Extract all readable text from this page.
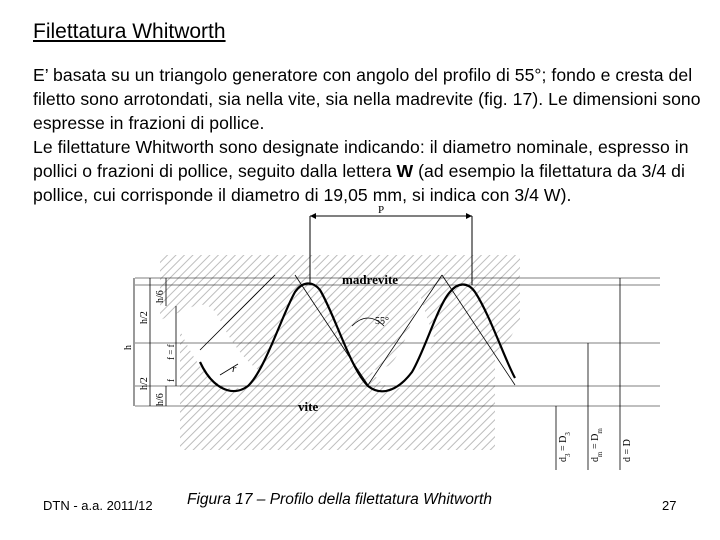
Filettatura Whitworth

E’ basata su un triangolo generatore con angolo del profilo di 55°; fondo e cresta del filetto sono arrotondati, sia nella vite, sia nella madrevite (fig. 17). Le dimensioni sono espresse in frazioni di pollice.

Le filettature Whitworth sono designate indicando: il diametro nominale, espresso in pollici o frazioni di pollice, seguito dalla lettera W (ad esempio la filettatura da 3/4 di pollice, cui corrisponde il diametro di 19,05 mm, si indica con 3/4 W).

P
h
h/2
h/2
h/6
h/6
f = f
f
madrevite
vite
55°
r
$d_3 = D_3$
$d_m = D_m$
d = D
DTN - a.a. 2011/12 Figura 17 – Profilo della filettatura Whitworth	27
